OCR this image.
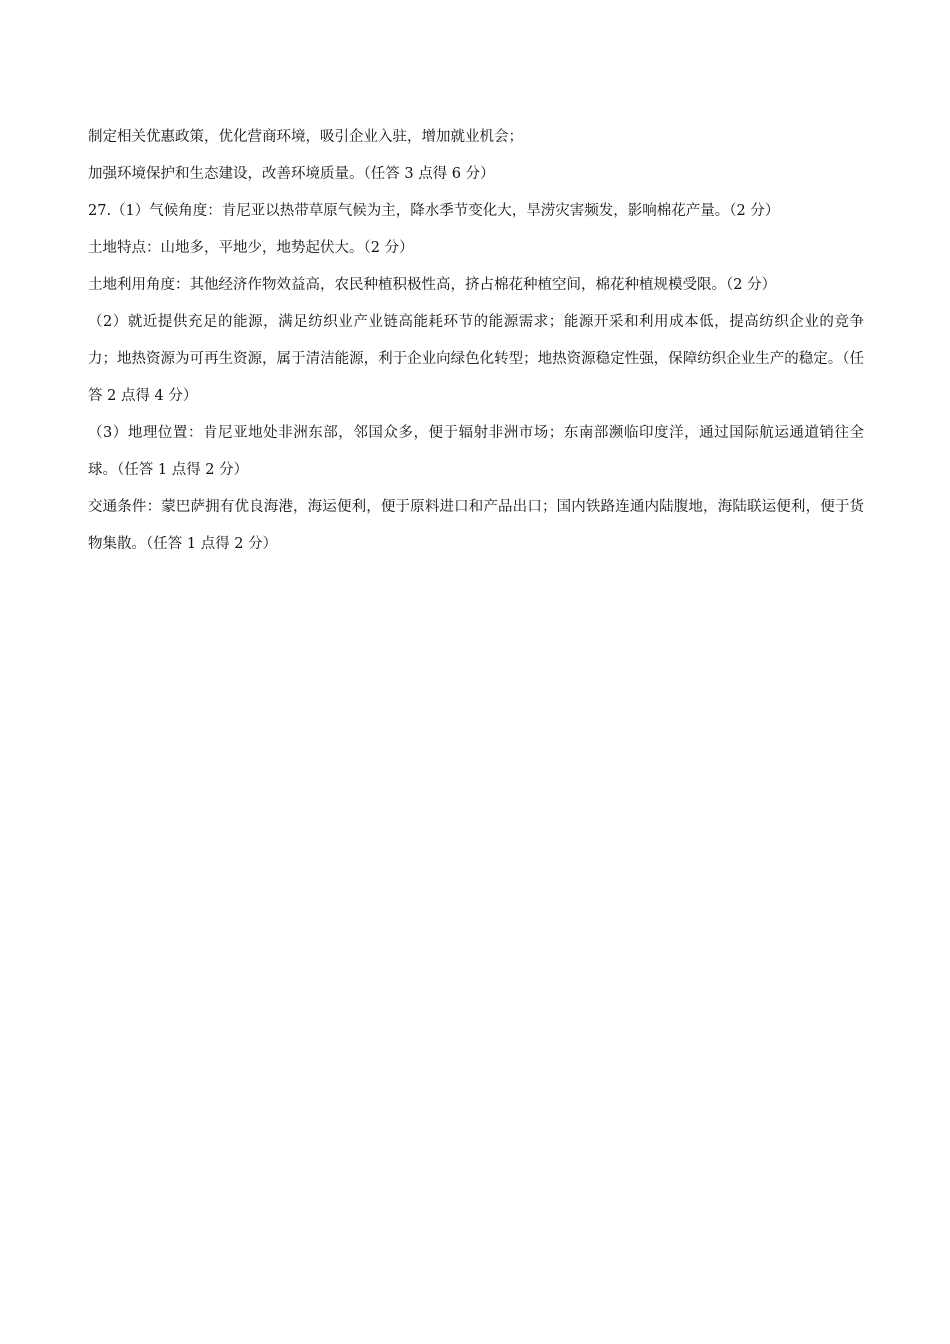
制定相关优惠政策，优化营商环境，吸引企业入驻，增加就业机会；

加强环境保护和生态建设，改善环境质量。（任答 3 点得 6 分）

27.（1）气候角度：肯尼亚以热带草原气候为主，降水季节变化大，旱涝灾害频发，影响棉花产量。（2 分）

土地特点：山地多，平地少，地势起伏大。（2 分）

土地利用角度：其他经济作物效益高，农民种植积极性高，挤占棉花种植空间，棉花种植规模受限。（2 分）

（2）就近提供充足的能源，满足纺织业产业链高能耗环节的能源需求；能源开采和利用成本低，提高纺织企业的竞争力；地热资源为可再生资源，属于清洁能源，利于企业向绿色化转型；地热资源稳定性强，保障纺织企业生产的稳定。（任答 2 点得 4 分）

（3）地理位置：肯尼亚地处非洲东部，邻国众多，便于辐射非洲市场；东南部濒临印度洋，通过国际航运通道销往全球。（任答 1 点得 2 分）

交通条件：蒙巴萨拥有优良海港，海运便利，便于原料进口和产品出口；国内铁路连通内陆腹地，海陆联运便利，便于货物集散。（任答 1 点得 2 分）
